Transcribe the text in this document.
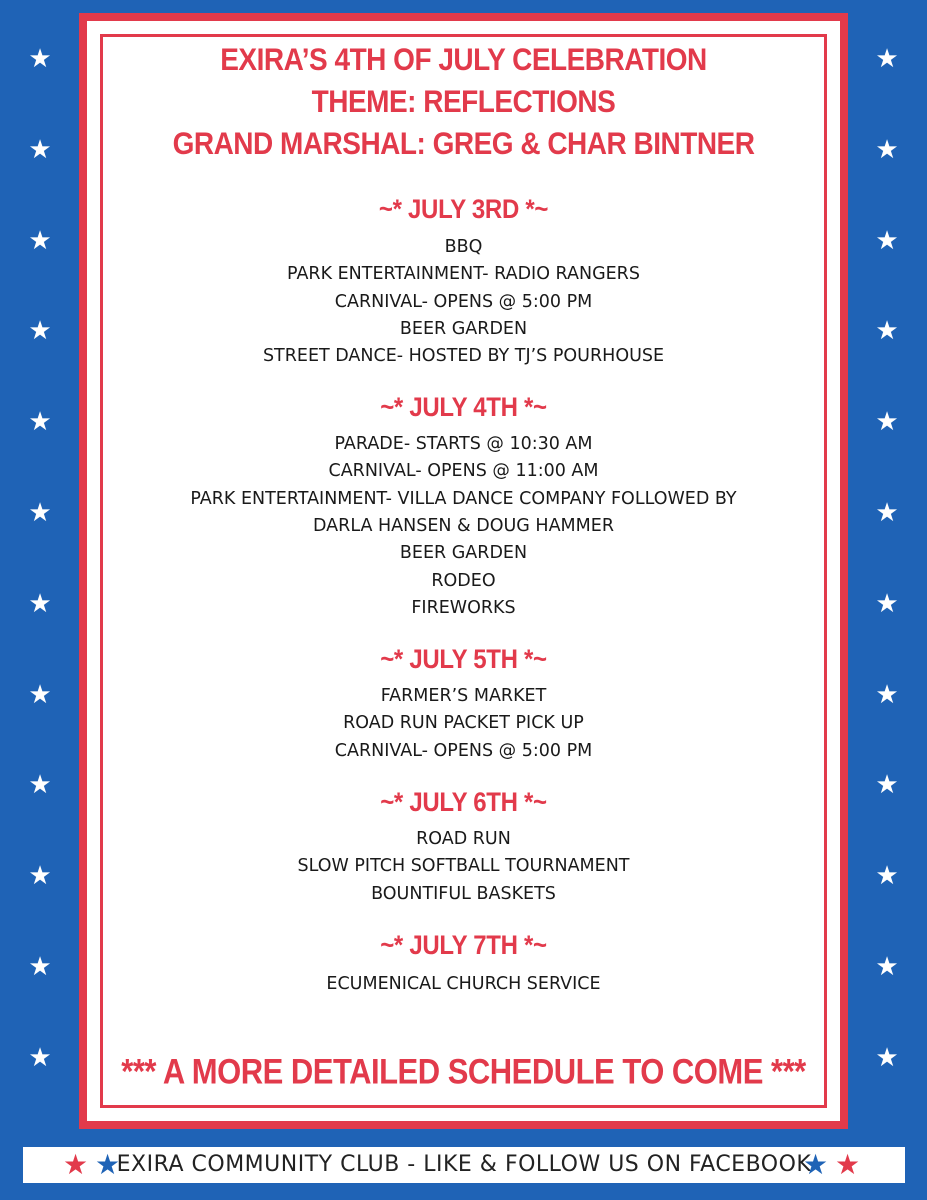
★
★
★
★
★
★
★
★
★
★
★
★
★
★
★
★
★
★
★
★
★
★
★
★
EXIRA’S 4TH OF JULY CELEBRATION
THEME: REFLECTIONS
GRAND MARSHAL: GREG & CHAR BINTNER
~* JULY 3RD *~
BBQ
PARK ENTERTAINMENT- RADIO RANGERS
CARNIVAL- OPENS @ 5:00 PM
BEER GARDEN
STREET DANCE- HOSTED BY TJ’S POURHOUSE
~* JULY 4TH *~
PARADE- STARTS @ 10:30 AM
CARNIVAL- OPENS @ 11:00 AM
PARK ENTERTAINMENT- VILLA DANCE COMPANY FOLLOWED BY
DARLA HANSEN & DOUG HAMMER
BEER GARDEN
RODEO
FIREWORKS
~* JULY 5TH *~
FARMER’S MARKET
ROAD RUN PACKET PICK UP
CARNIVAL- OPENS @ 5:00 PM
~* JULY 6TH *~
ROAD RUN
SLOW PITCH SOFTBALL TOURNAMENT
BOUNTIFUL BASKETS
~* JULY 7TH *~
ECUMENICAL CHURCH SERVICE
*** A MORE DETAILED SCHEDULE TO COME ***
★ ★
EXIRA COMMUNITY CLUB - LIKE & FOLLOW US ON FACEBOOK
★ ★
